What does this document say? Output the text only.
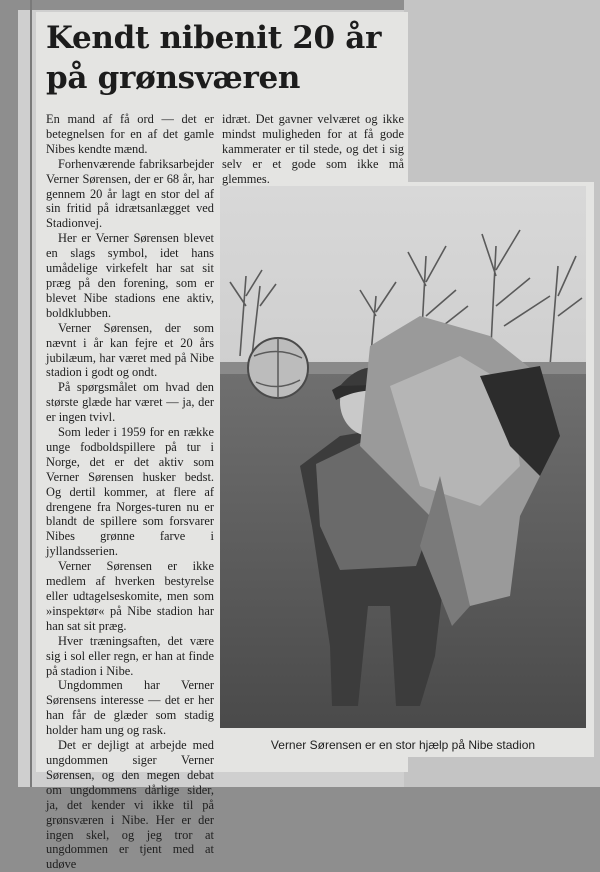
Kendt nibenit 20 år på grønsværen

En mand af få ord — det er betegnelsen for en af det gamle Nibes kendte mænd.

Forhenværende fabriksarbejder Verner Sørensen, der er 68 år, har gennem 20 år lagt en stor del af sin fritid på idrætsanlægget ved Stadionvej.

Her er Verner Sørensen blevet en slags symbol, idet hans umådelige virkefelt har sat sit præg på den forening, som er blevet Nibe stadions ene aktiv, boldklubben.

Verner Sørensen, der som nævnt i år kan fejre et 20 års jubilæum, har været med på Nibe stadion i godt og ondt.

På spørgsmålet om hvad den største glæde har været — ja, der er ingen tvivl.

Som leder i 1959 for en række unge fodboldspillere på tur i Norge, det er det aktiv som Verner Sørensen husker bedst. Og dertil kommer, at flere af drengene fra Norges-turen nu er blandt de spillere som forsvarer Nibes grønne farve i jyllandsserien.

Verner Sørensen er ikke medlem af hverken bestyrelse eller udtagelseskomite, men som »inspektør« på Nibe stadion har han sat sit præg.

Hver træningsaften, det være sig i sol eller regn, er han at finde på stadion i Nibe.

Ungdommen har Verner Sørensens interesse — det er her han får de glæder som stadig holder ham ung og rask.

Det er dejligt at arbejde med ungdommen siger Verner Sørensen, og den megen debat om ungdommens dårlige sider, ja, det kender vi ikke til på grønsværen i Nibe. Her er der ingen skel, og jeg tror at ungdommen er tjent med at udøve

idræt. Det gavner velværet og ikke mindst muligheden for at få gode kammerater er til stede, og det i sig selv er et gode som ikke må glemmes.

Verner Sørensen er en stor hjælp på Nibe stadion
